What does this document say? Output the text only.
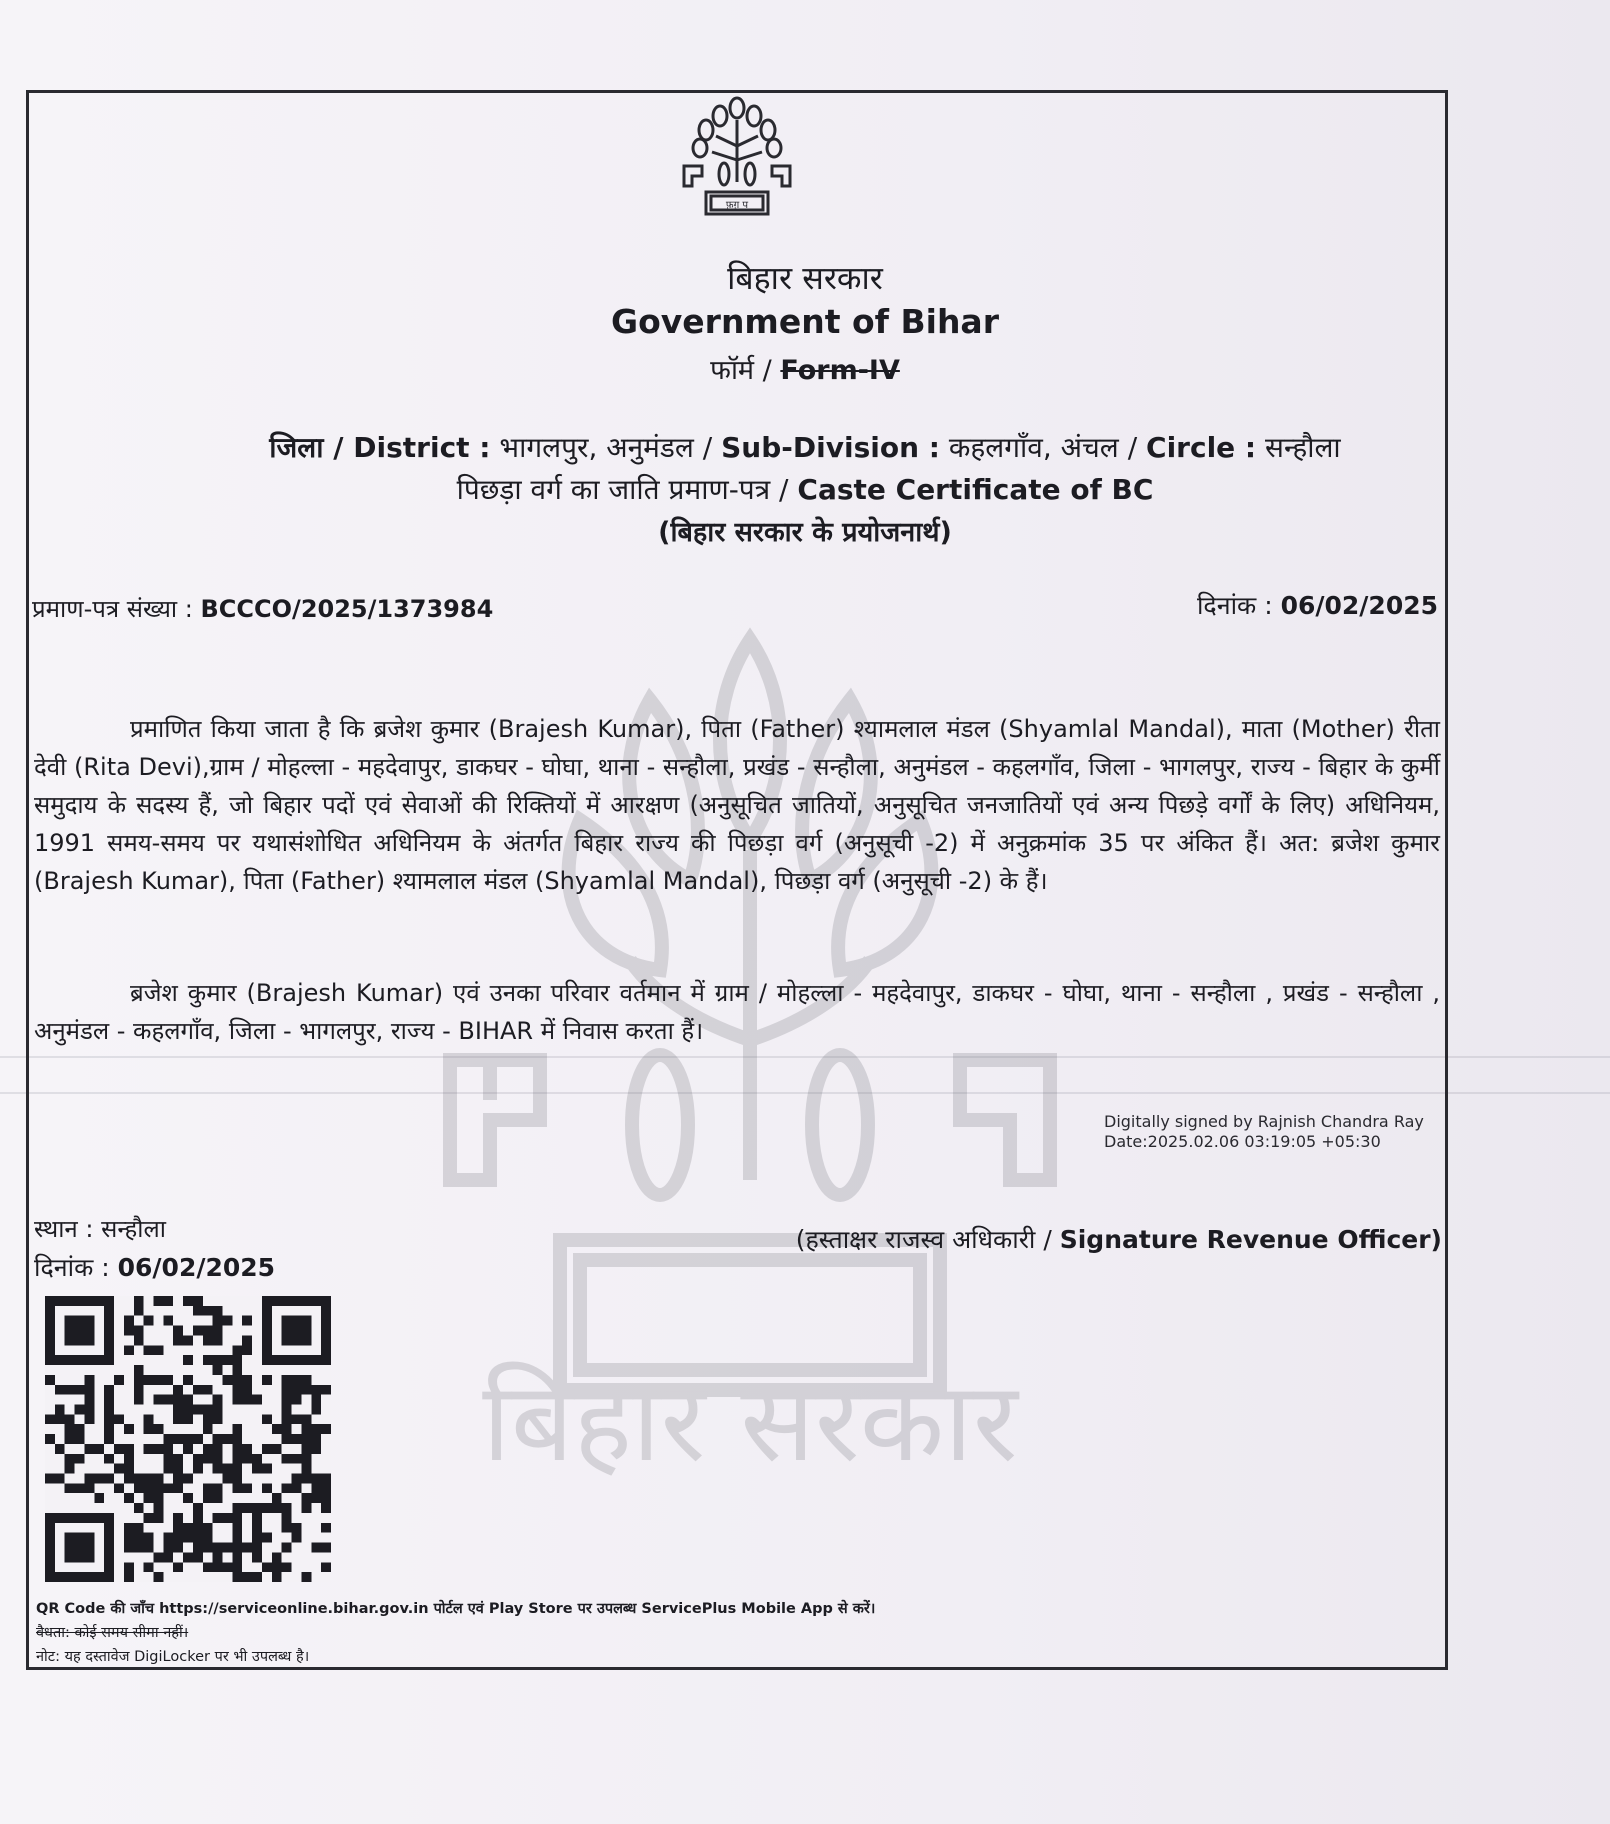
बिहार सरकार
फ़ग़ प
बिहार सरकार
Government of Bihar
फॉर्म / Form-IV
जिला / District : भागलपुर, अनुमंडल / Sub-Division : कहलगाँव, अंचल / Circle : सन्हौला
पिछड़ा वर्ग का जाति प्रमाण-पत्र / Caste Certificate of BC
(बिहार सरकार के प्रयोजनार्थ)
प्रमाण-पत्र संख्या : BCCCO/2025/1373984	दिनांक : 06/02/2025
प्रमाणित किया जाता है कि ब्रजेश कुमार (Brajesh Kumar), पिता (Father) श्यामलाल मंडल (Shyamlal Mandal), माता (Mother) रीता देवी (Rita Devi),ग्राम / मोहल्ला - महदेवापुर, डाकघर - घोघा, थाना - सन्हौला, प्रखंड - सन्हौला, अनुमंडल - कहलगाँव, जिला - भागलपुर, राज्य - बिहार के कुर्मी समुदाय के सदस्य हैं, जो बिहार पदों एवं सेवाओं की रिक्तियों में आरक्षण (अनुसूचित जातियों, अनुसूचित जनजातियों एवं अन्य पिछड़े वर्गों के लिए) अधिनियम, 1991 समय-समय पर यथासंशोधित अधिनियम के अंतर्गत बिहार राज्य की पिछड़ा वर्ग (अनुसूची -2) में अनुक्रमांक 35 पर अंकित हैं। अत: ब्रजेश कुमार (Brajesh Kumar), पिता (Father) श्यामलाल मंडल (Shyamlal Mandal), पिछड़ा वर्ग (अनुसूची -2) के हैं।
ब्रजेश कुमार (Brajesh Kumar) एवं उनका परिवार वर्तमान में ग्राम / मोहल्ला - महदेवापुर, डाकघर - घोघा, थाना - सन्हौला , प्रखंड - सन्हौला , अनुमंडल - कहलगाँव, जिला - भागलपुर, राज्य - BIHAR में निवास करता हैं।
Digitally signed by Rajnish Chandra Ray
Date:2025.02.06 03:19:05 +05:30
(हस्ताक्षर राजस्व अधिकारी / Signature Revenue Officer)
स्थान : सन्हौला
दिनांक : 06/02/2025
QR Code की जाँच https://serviceonline.bihar.gov.in पोर्टल एवं Play Store पर उपलब्ध ServicePlus Mobile App से करें।
वैधता: कोई समय सीमा नहीं।
नोट: यह दस्तावेज DigiLocker पर भी उपलब्ध है।
